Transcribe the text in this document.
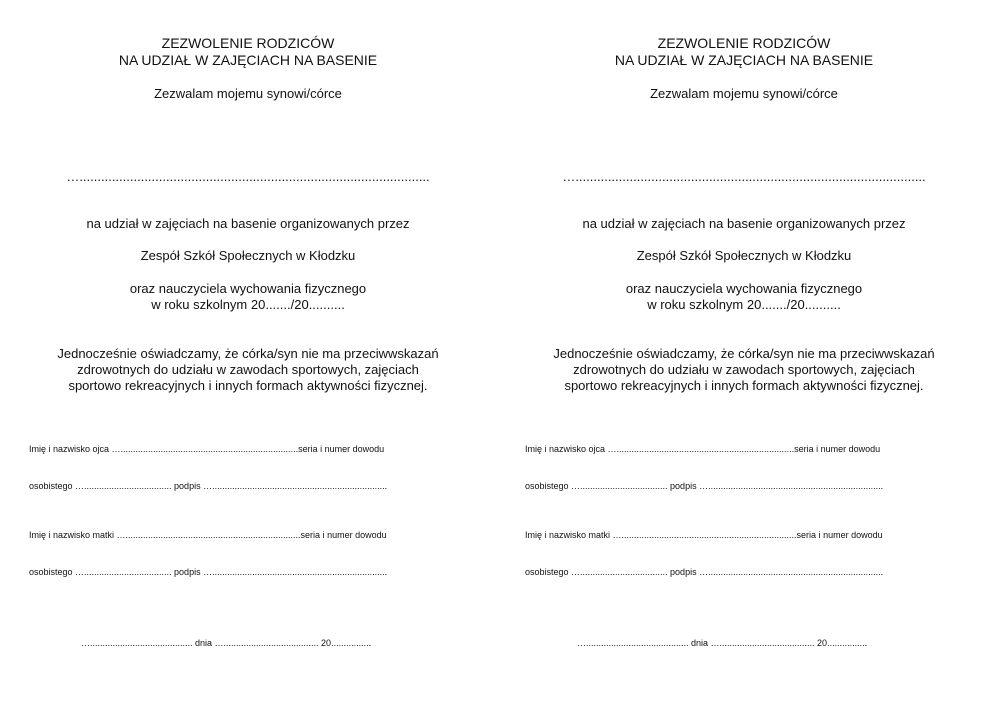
ZEZWOLENIE RODZICÓW
NA UDZIAŁ W ZAJĘCIACH NA BASENIE
Zezwalam mojemu synowi/córce
….................................................................................................
na udział w zajęciach na basenie organizowanych przez
Zespół Szkół Społecznych w Kłodzku
oraz nauczyciela wychowania fizycznego
w roku szkolnym 20......./20..........
Jednocześnie oświadczamy, że córka/syn nie ma przeciwwskazań
zdrowotnych do udziału w zawodach sportowych, zajęciach
sportowo rekreacyjnych i innych formach aktywności fizycznej.
Imię i nazwisko ojca ….......................................................................seria i numer dowodu
osobistego …................................... podpis …......................................................................
Imię i nazwisko matki …......................................................................seria i numer dowodu
osobistego …................................... podpis …......................................................................
…......................................... dnia …...................................... 20................
ZEZWOLENIE RODZICÓW
NA UDZIAŁ W ZAJĘCIACH NA BASENIE
Zezwalam mojemu synowi/córce
….................................................................................................
na udział w zajęciach na basenie organizowanych przez
Zespół Szkół Społecznych w Kłodzku
oraz nauczyciela wychowania fizycznego
w roku szkolnym 20......./20..........
Jednocześnie oświadczamy, że córka/syn nie ma przeciwwskazań
zdrowotnych do udziału w zawodach sportowych, zajęciach
sportowo rekreacyjnych i innych formach aktywności fizycznej.
Imię i nazwisko ojca ….......................................................................seria i numer dowodu
osobistego …................................... podpis …......................................................................
Imię i nazwisko matki …......................................................................seria i numer dowodu
osobistego …................................... podpis …......................................................................
…......................................... dnia …...................................... 20................
